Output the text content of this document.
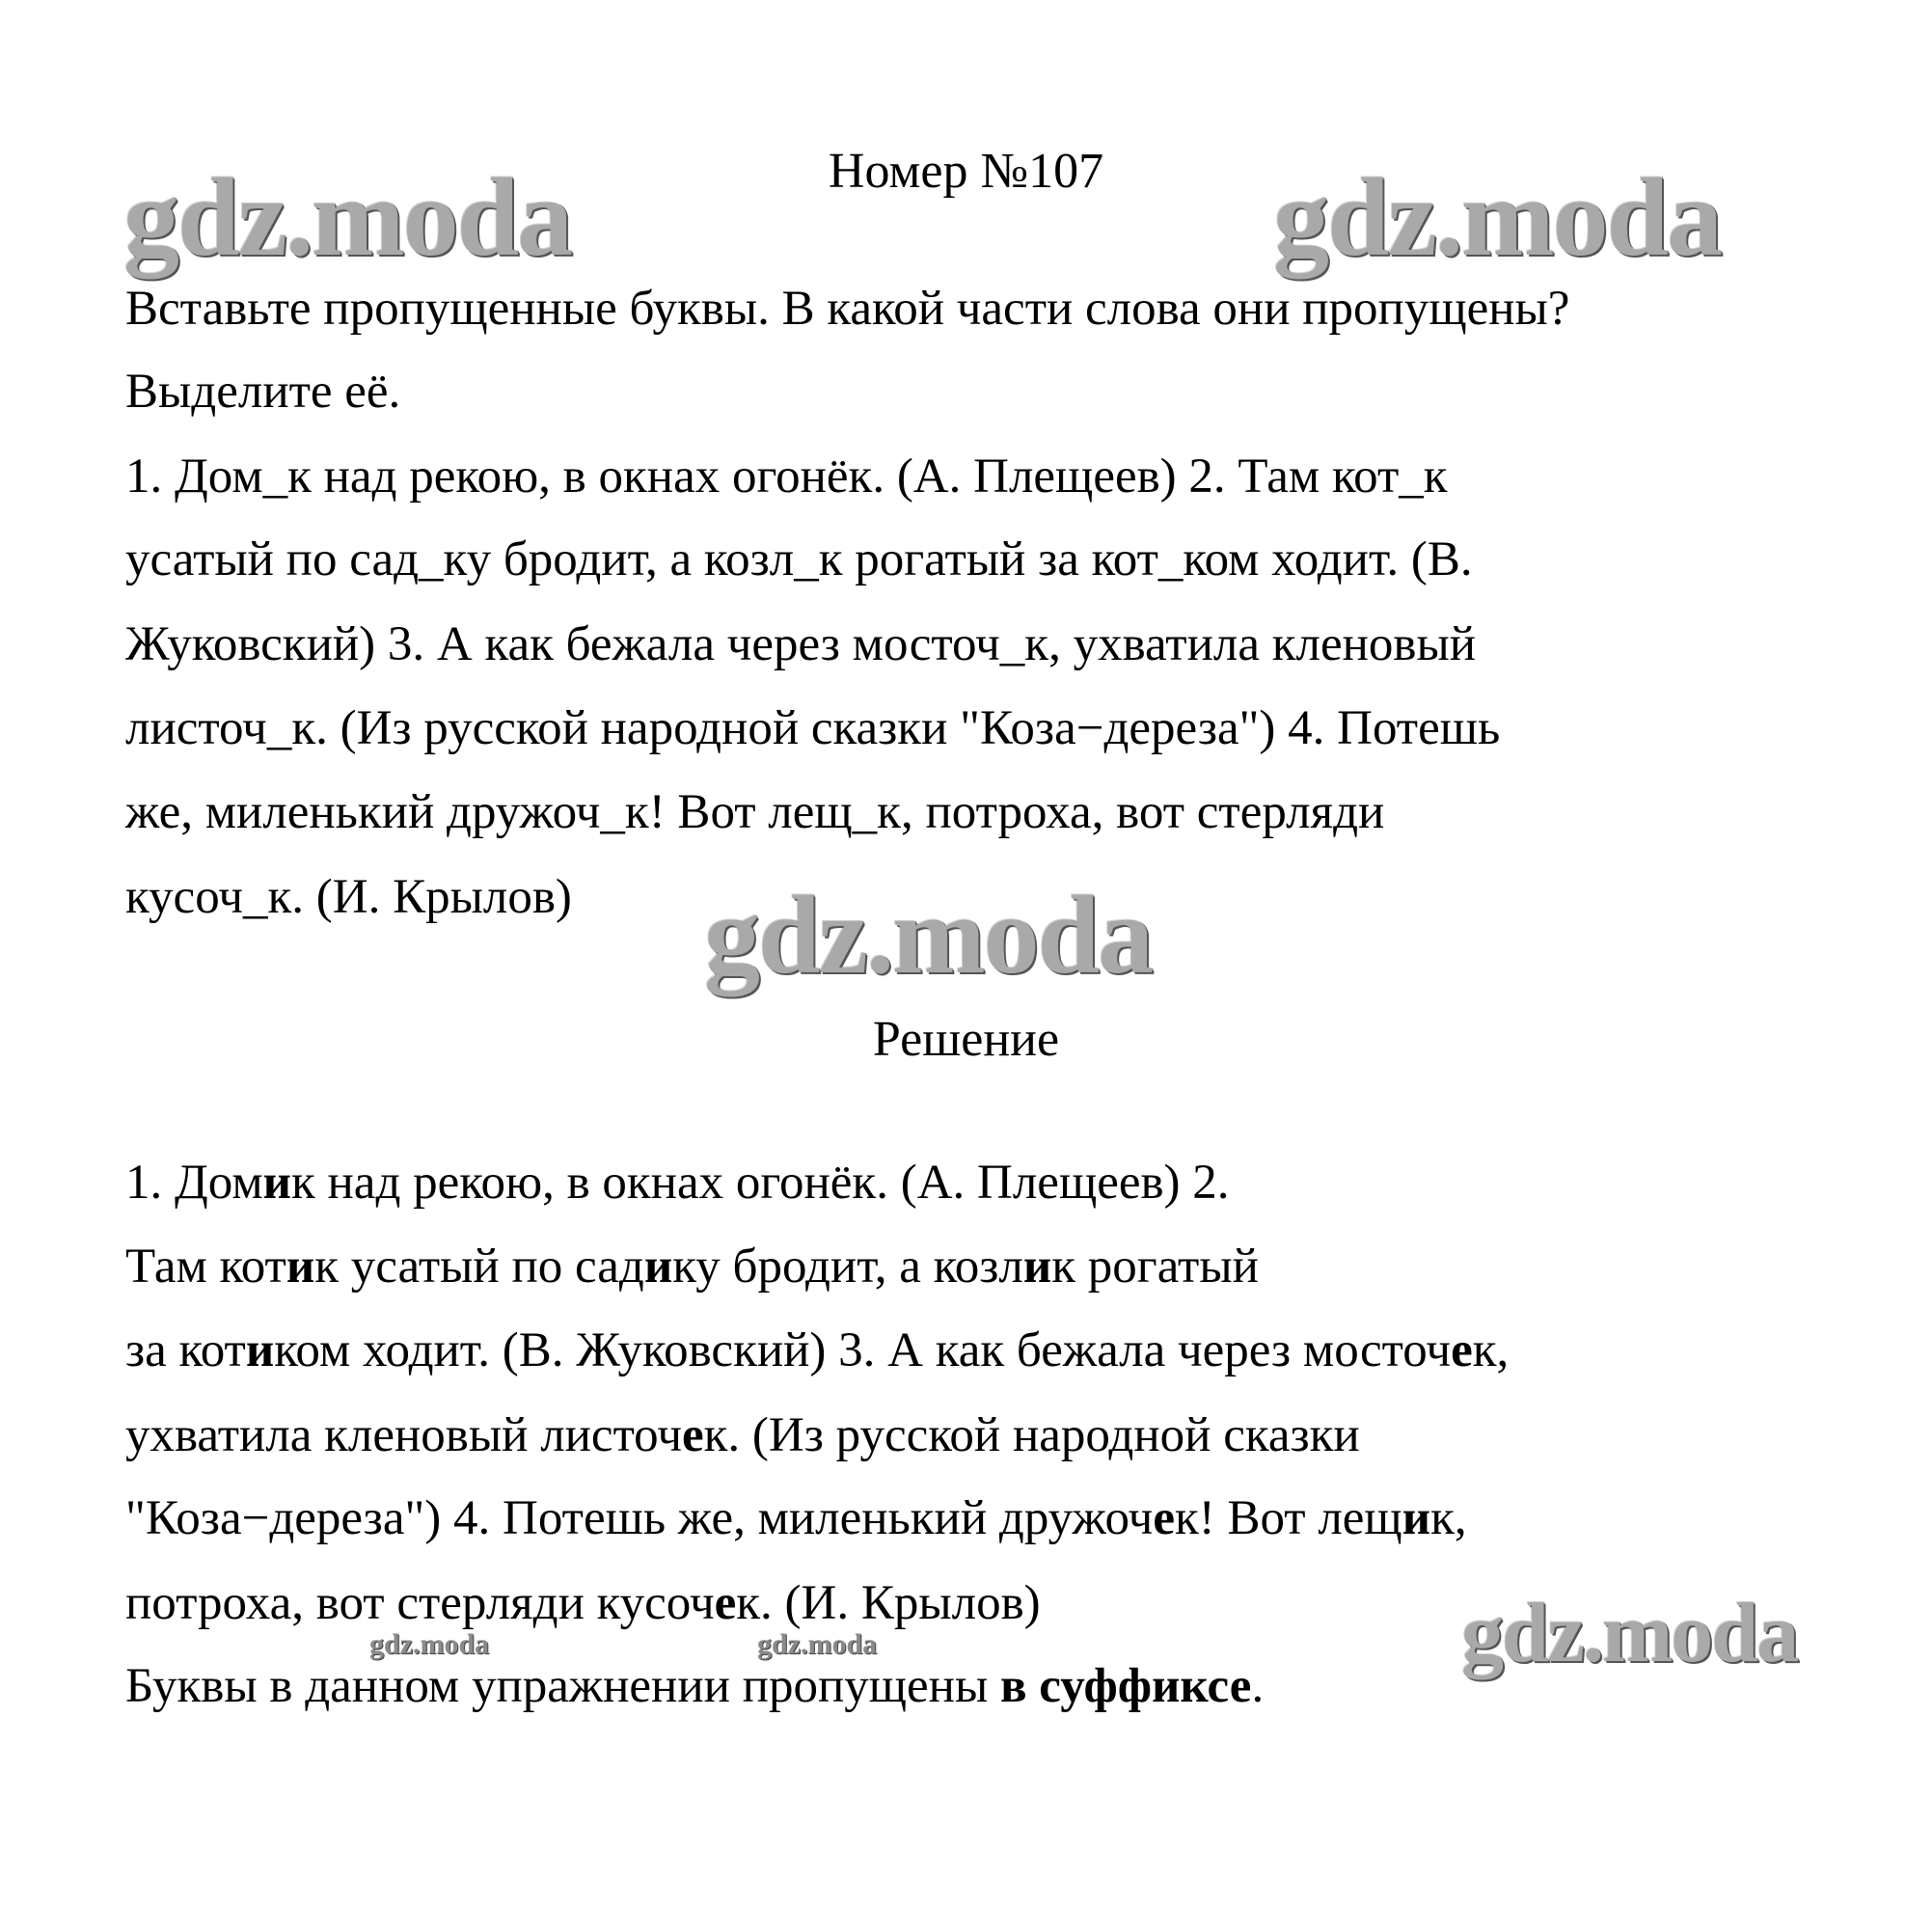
gdz.moda	gdz.moda
gdz.moda
gdz.moda
gdz.moda	gdz.moda
Номер №107
Вставьте пропущенные буквы. В какой части слова они пропущены?
Выделите её.
1. Дом_к над рекою, в окнах огонёк. (А. Плещеев) 2. Там кот_к
усатый по сад_ку бродит, а козл_к рогатый за кот_ком ходит. (В.
Жуковский) 3. А как бежала через мосточ_к, ухватила кленовый
листоч_к. (Из русской народной сказки "Коза−дереза") 4. Потешь
же, миленький дружоч_к! Вот лещ_к, потроха, вот стерляди
кусоч_к. (И. Крылов)
Решение
1. Домик над рекою, в окнах огонёк. (А. Плещеев) 2.
Там котик усатый по садику бродит, а козлик рогатый
за котиком ходит. (В. Жуковский) 3. А как бежала через мосточек,
ухватила кленовый листочек. (Из русской народной сказки
"Коза−дереза") 4. Потешь же, миленький дружочек! Вот лещик,
потроха, вот стерляди кусочек. (И. Крылов)
Буквы в данном упражнении пропущены в суффиксе.
